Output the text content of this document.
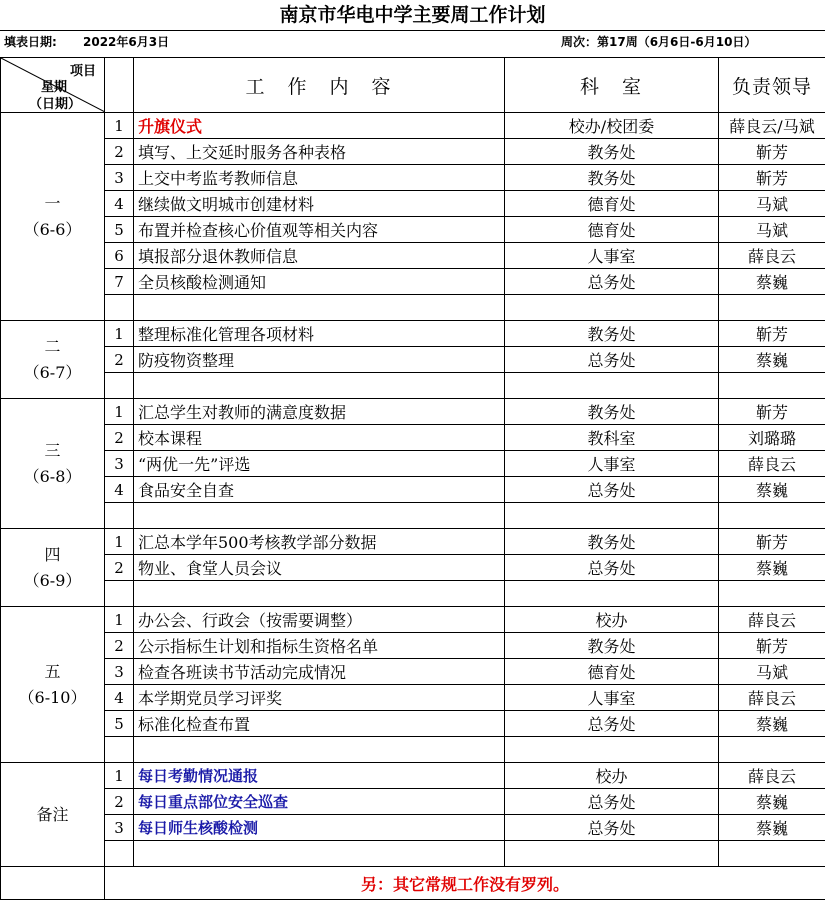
南京市华电中学主要周工作计划
填表日期: 2022年6月3日	周次：第17周（6月6日-6月10日）
项目
星期
（日期）		工　作　内　容	科　室	负责领导

一
（6-6）	1	升旗仪式	校办/校团委	薛良云/马斌
	2	填写、上交延时服务各种表格	教务处	靳芳
	3	上交中考监考教师信息	教务处	靳芳
	4	继续做文明城市创建材料	德育处	马斌
	5	布置并检查核心价值观等相关内容	德育处	马斌
	6	填报部分退休教师信息	人事室	薛良云
	7	全员核酸检测通知	总务处	蔡巍

二
（6-7）	1	整理标准化管理各项材料	教务处	靳芳
	2	防疫物资整理	总务处	蔡巍

三
（6-8）	1	汇总学生对教师的满意度数据	教务处	靳芳
	2	校本课程	教科室	刘璐璐
	3	“两优一先”评选	人事室	薛良云
	4	食品安全自查	总务处	蔡巍

四
（6-9）	1	汇总本学年500考核教学部分数据	教务处	靳芳
	2	物业、食堂人员会议	总务处	蔡巍

五
（6-10）	1	办公会、行政会（按需要调整）	校办	薛良云
	2	公示指标生计划和指标生资格名单	教务处	靳芳
	3	检查各班读书节活动完成情况	德育处	马斌
	4	本学期党员学习评奖	人事室	薛良云
	5	标准化检查布置	总务处	蔡巍

备注	1	每日考勤情况通报	校办	薛良云
	2	每日重点部位安全巡查	总务处	蔡巍
	3	每日师生核酸检测	总务处	蔡巍

	另：其它常规工作没有罗列。			
